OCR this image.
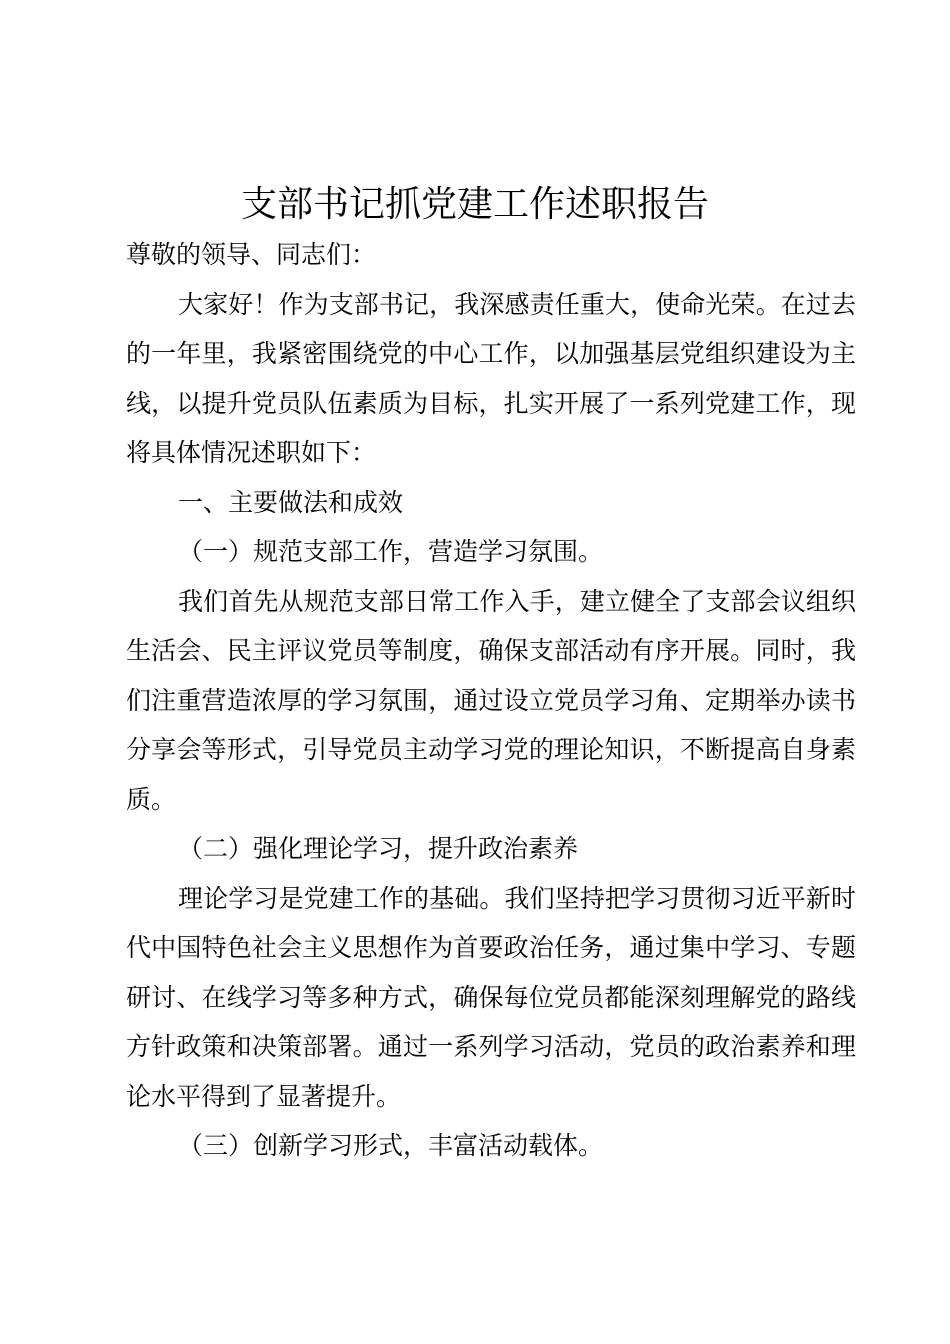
支部书记抓党建工作述职报告

尊敬的领导、同志们：

大家好！作为支部书记，我深感责任重大，使命光荣。在过去的一年里，我紧密围绕党的中心工作，以加强基层党组织建设为主线，以提升党员队伍素质为目标，扎实开展了一系列党建工作，现将具体情况述职如下：

一、主要做法和成效

（一）规范支部工作，营造学习氛围。

我们首先从规范支部日常工作入手，建立健全了支部会议组织生活会、民主评议党员等制度，确保支部活动有序开展。同时，我们注重营造浓厚的学习氛围，通过设立党员学习角、定期举办读书分享会等形式，引导党员主动学习党的理论知识，不断提高自身素质。

（二）强化理论学习，提升政治素养

理论学习是党建工作的基础。我们坚持把学习贯彻习近平新时代中国特色社会主义思想作为首要政治任务，通过集中学习、专题研讨、在线学习等多种方式，确保每位党员都能深刻理解党的路线方针政策和决策部署。通过一系列学习活动，党员的政治素养和理论水平得到了显著提升。

（三）创新学习形式，丰富活动载体。
